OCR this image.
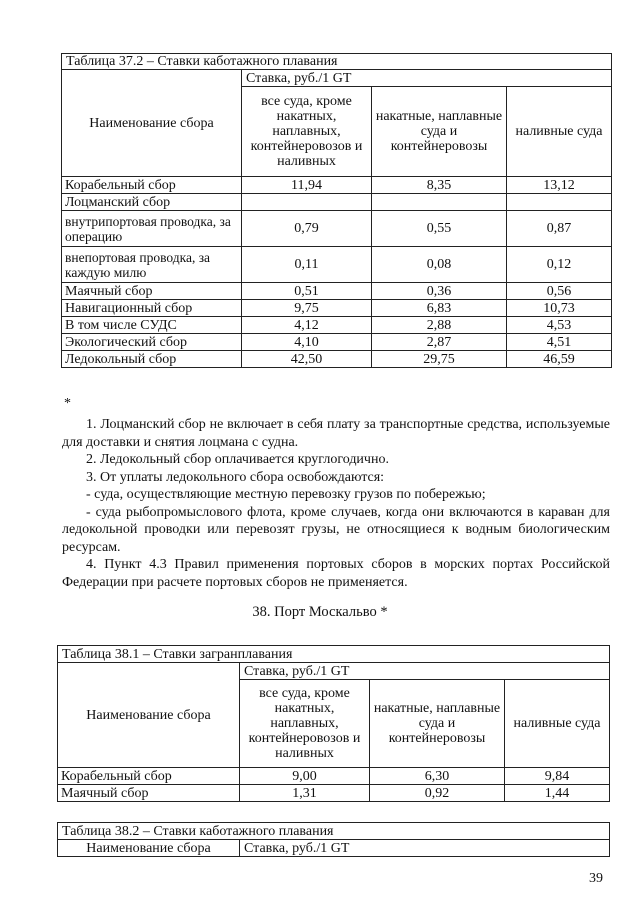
Таблица 37.2 – Ставки каботажного плавания			
Наименование сбора	Ставка, руб./1 GT		
	все суда, кроме накатных, наплавных, контейнеровозов и наливных	накатные, наплавные суда и контейнеровозы	наливные суда
Корабельный сбор	11,94	8,35	13,12
Лоцманский сбор			
внутрипортовая проводка, за операцию	0,79	0,55	0,87
внепортовая проводка, за каждую милю	0,11	0,08	0,12
Маячный сбор	0,51	0,36	0,56
Навигационный сбор	9,75	6,83	10,73
В том числе СУДС	4,12	2,88	4,53
Экологический сбор	4,10	2,87	4,51
Ледокольный сбор	42,50	29,75	46,59
*
1. Лоцманский сбор не включает в себя плату за транспортные средства, используемые для доставки и снятия лоцмана с судна.
2. Ледокольный сбор оплачивается круглогодично.
3. От уплаты ледокольного сбора освобождаются:
- суда, осуществляющие местную перевозку грузов по побережью;
- суда рыбопромыслового флота, кроме случаев, когда они включаются в караван для ледокольной проводки или перевозят грузы, не относящиеся к водным биологическим ресурсам.
4. Пункт 4.3 Правил применения портовых сборов в морских портах Российской Федерации при расчете портовых сборов не применяется.
38. Порт Москальво *
Таблица 38.1 – Ставки загранплавания			
Наименование сбора	Ставка, руб./1 GT		
	все суда, кроме накатных, наплавных, контейнеровозов и наливных	накатные, наплавные суда и контейнеровозы	наливные суда
Корабельный сбор	9,00	6,30	9,84
Маячный сбор	1,31	0,92	1,44
Таблица 38.2 – Ставки каботажного плавания
Наименование сбора	Ставка, руб./1 GT
39
